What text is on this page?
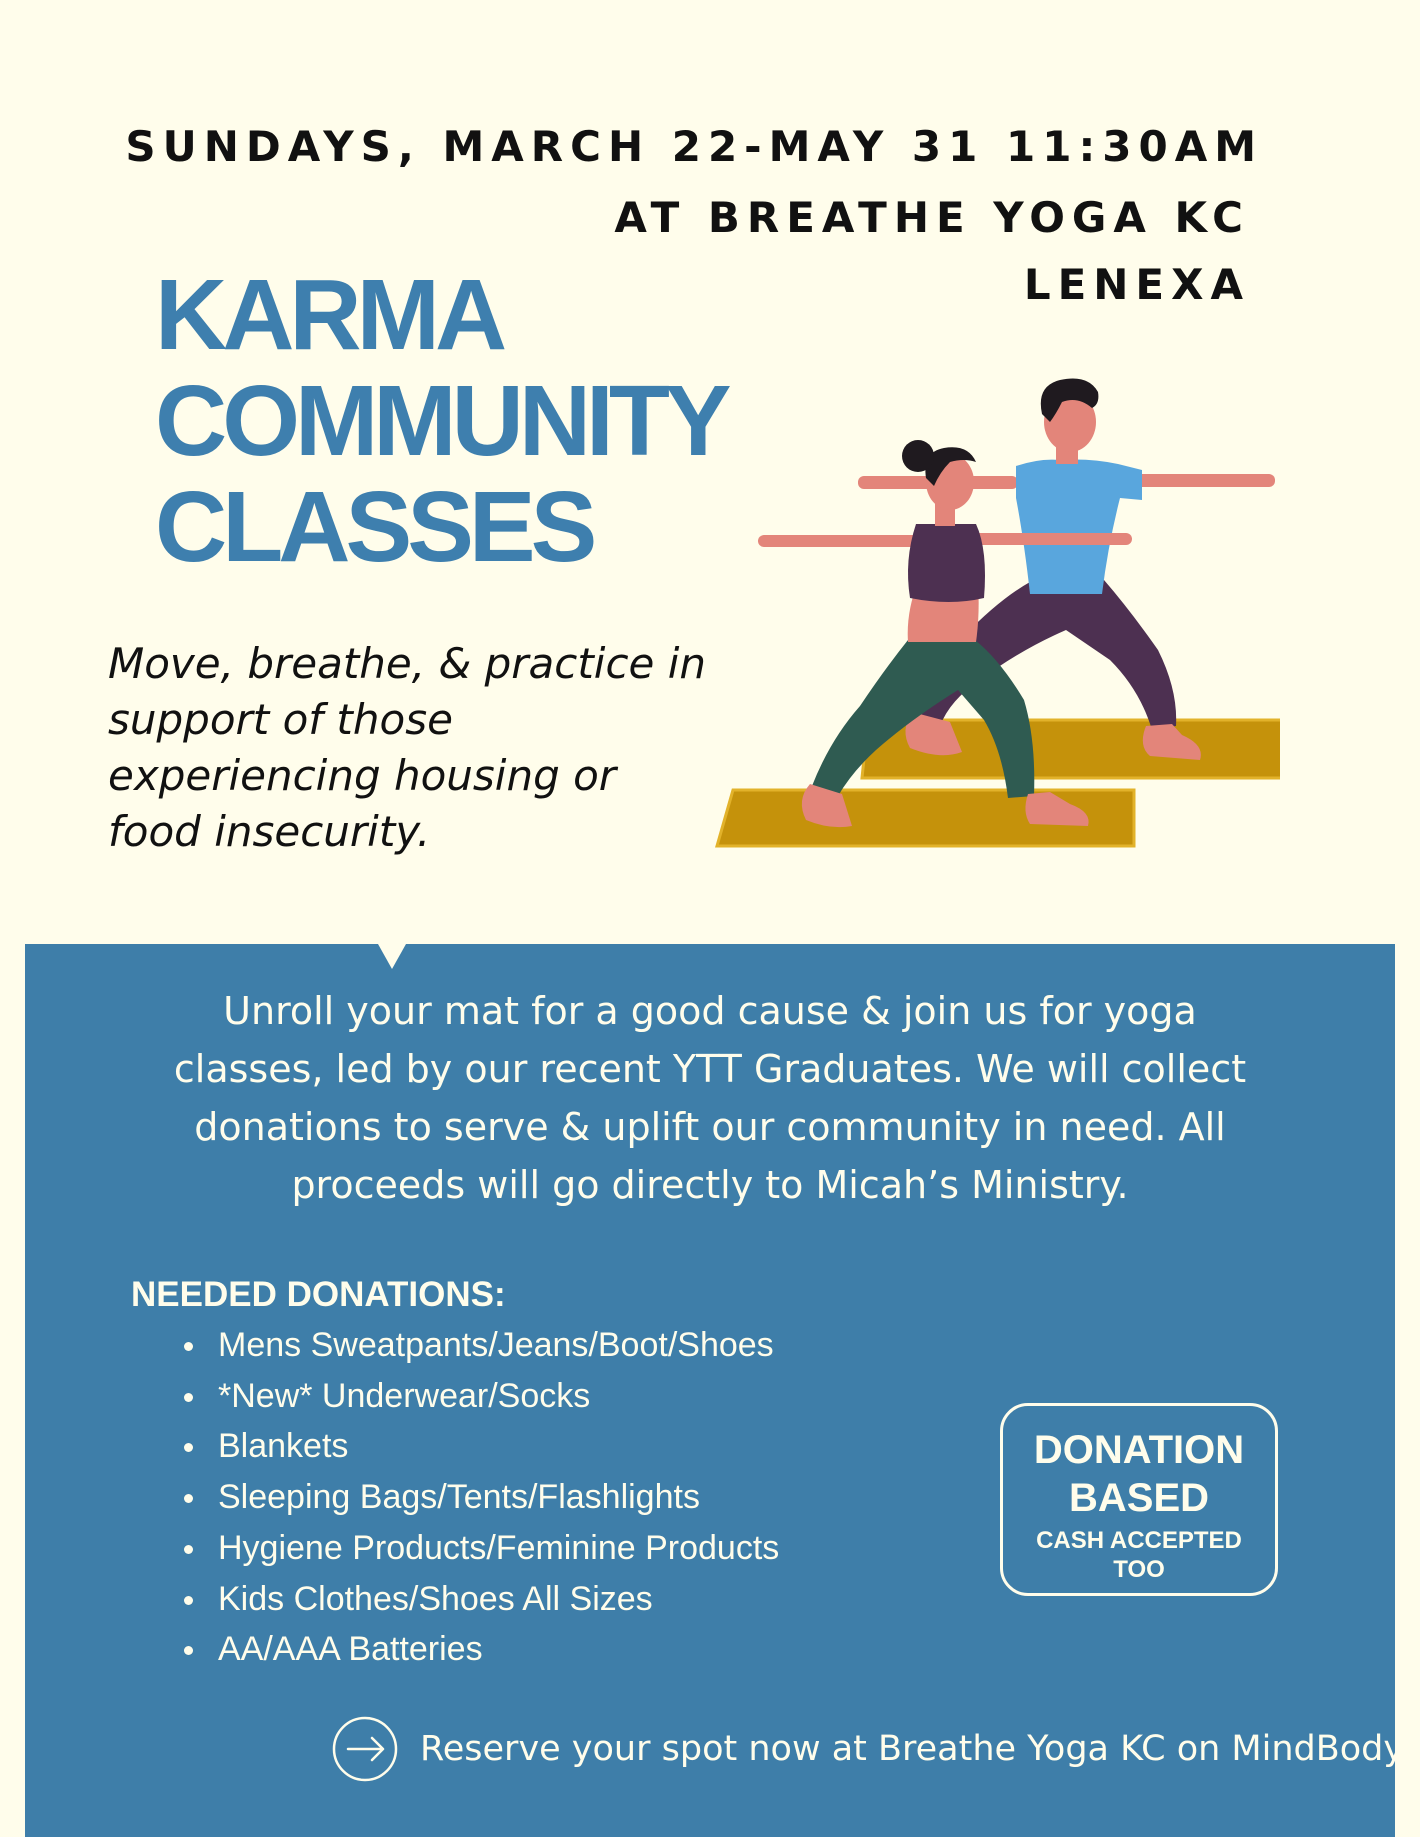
SUNDAYS, MARCH 22-MAY 31 11:30AM
AT BREATHE YOGA KC
LENEXA
KARMA
COMMUNITY
CLASSES
Move, breathe, & practice in support of those experiencing housing or food insecurity.
Unroll your mat for a good cause & join us for yoga classes, led by our recent YTT Graduates. We will collect donations to serve & uplift our community in need. All proceeds will go directly to Micah’s Ministry.
NEEDED DONATIONS:
Mens Sweatpants/Jeans/Boot/Shoes
*New* Underwear/Socks
Blankets
Sleeping Bags/Tents/Flashlights
Hygiene Products/Feminine Products
Kids Clothes/Shoes All Sizes
AA/AAA Batteries
DONATION
BASED
CASH ACCEPTED
TOO
Reserve your spot now at Breathe Yoga KC on MindBody!
